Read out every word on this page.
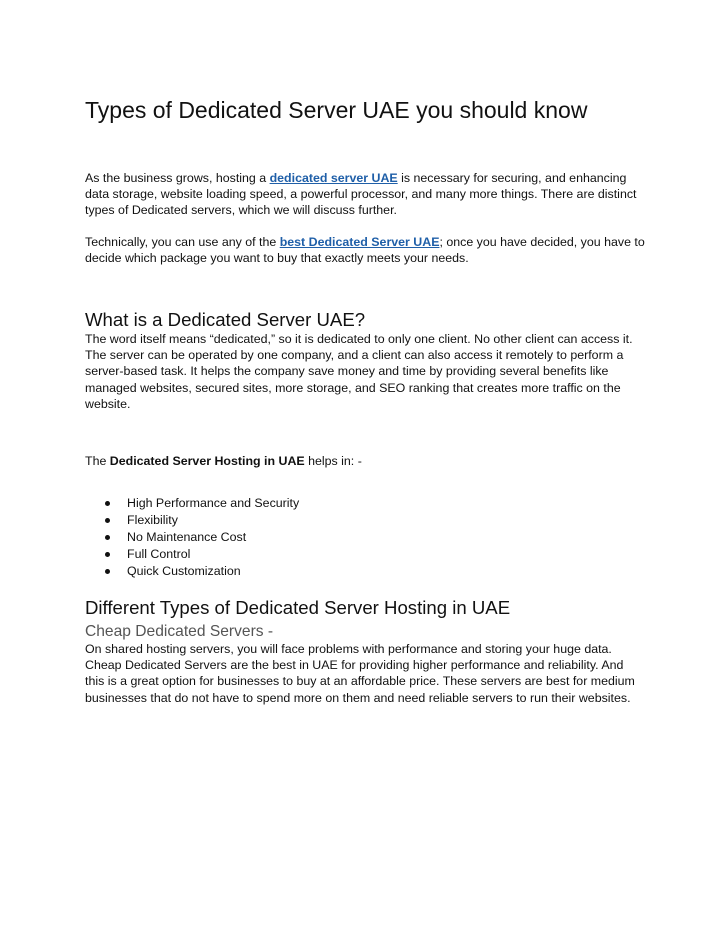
Types of Dedicated Server UAE you should know

As the business grows, hosting a dedicated server UAE is necessary for securing, and enhancing data storage, website loading speed, a powerful processor, and many more things. There are distinct types of Dedicated servers, which we will discuss further.

Technically, you can use any of the best Dedicated Server UAE; once you have decided, you have to decide which package you want to buy that exactly meets your needs.

What is a Dedicated Server UAE?

The word itself means “dedicated,” so it is dedicated to only one client. No other client can access it. The server can be operated by one company, and a client can also access it remotely to perform a server-based task. It helps the company save money and time by providing several benefits like managed websites, secured sites, more storage, and SEO ranking that creates more traffic on the website.

The Dedicated Server Hosting in UAE helps in: -

High Performance and Security
Flexibility
No Maintenance Cost
Full Control
Quick Customization
Different Types of Dedicated Server Hosting in UAE
Cheap Dedicated Servers -

On shared hosting servers, you will face problems with performance and storing your huge data. Cheap Dedicated Servers are the best in UAE for providing higher performance and reliability. And this is a great option for businesses to buy at an affordable price. These servers are best for medium businesses that do not have to spend more on them and need reliable servers to run their websites.
